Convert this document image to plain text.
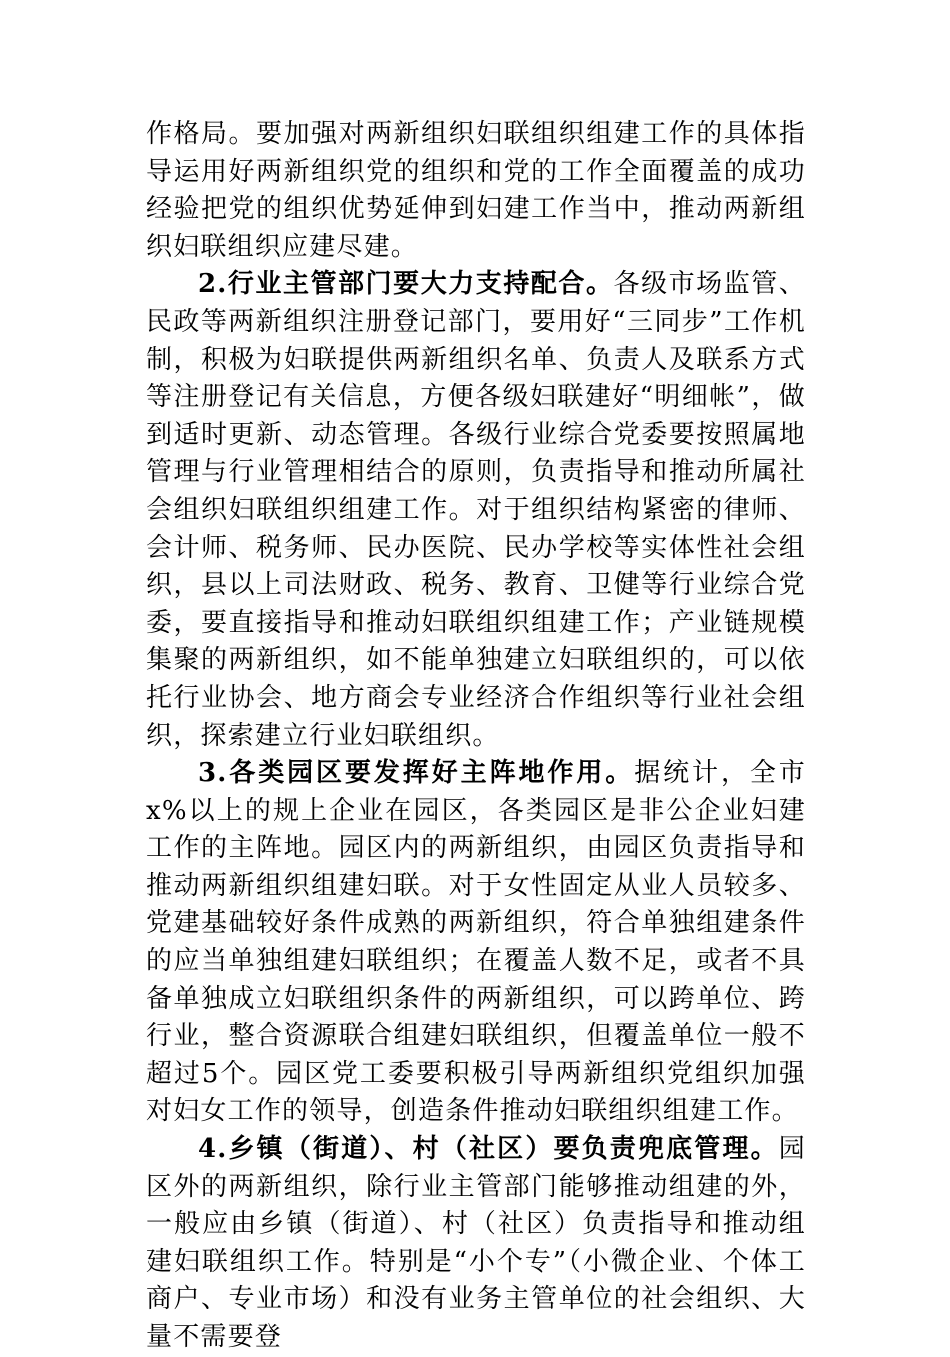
作格局。要加强对两新组织妇联组织组建工作的具体指导运用好两新组织党的组织和党的工作全面覆盖的成功经验把党的组织优势延伸到妇建工作当中，推动两新组织妇联组织应建尽建。

2.行业主管部门要大力支持配合。各级市场监管、民政等两新组织注册登记部门，要用好“三同步”工作机制，积极为妇联提供两新组织名单、负责人及联系方式等注册登记有关信息，方便各级妇联建好“明细帐”，做到适时更新、动态管理。各级行业综合党委要按照属地管理与行业管理相结合的原则，负责指导和推动所属社会组织妇联组织组建工作。对于组织结构紧密的律师、会计师、税务师、民办医院、民办学校等实体性社会组织，县以上司法财政、税务、教育、卫健等行业综合党委，要直接指导和推动妇联组织组建工作；产业链规模集聚的两新组织，如不能单独建立妇联组织的，可以依托行业协会、地方商会专业经济合作组织等行业社会组织，探索建立行业妇联组织。

3.各类园区要发挥好主阵地作用。据统计，全市x%以上的规上企业在园区，各类园区是非公企业妇建工作的主阵地。园区内的两新组织，由园区负责指导和推动两新组织组建妇联。对于女性固定从业人员较多、党建基础较好条件成熟的两新组织，符合单独组建条件的应当单独组建妇联组织；在覆盖人数不足，或者不具备单独成立妇联组织条件的两新组织，可以跨单位、跨行业，整合资源联合组建妇联组织，但覆盖单位一般不超过5个。园区党工委要积极引导两新组织党组织加强对妇女工作的领导，创造条件推动妇联组织组建工作。

4.乡镇（街道）、村（社区）要负责兜底管理。园区外的两新组织，除行业主管部门能够推动组建的外，一般应由乡镇（街道）、村（社区）负责指导和推动组建妇联组织工作。特别是“小个专”（小微企业、个体工商户、专业市场）和没有业务主管单位的社会组织、大量不需要登
